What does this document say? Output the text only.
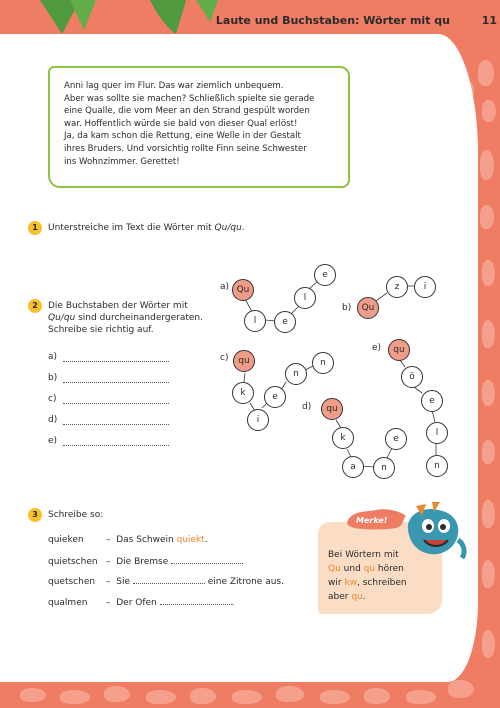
Laute und Buchstaben: Wörter mit qu	11

Anni lag quer im Flur. Das war ziemlich unbequem.
Aber was sollte sie machen? Schließlich spielte sie gerade
eine Qualle, die vom Meer an den Strand gespült worden
war. Hoffentlich würde sie bald von dieser Qual erlöst!
Ja, da kam schon die Rettung, eine Welle in der Gestalt
ihres Bruders. Und vorsichtig rollte Finn seine Schwester
ins Wohnzimmer. Gerettet!

1	Unterstreiche im Text die Wörter mit Qu/qu.
2	Die Buchstaben der Wörter mit
Qu/qu sind durcheinandergeraten.
Schreibe sie richtig auf.
a)
b)
c)
d)
e)
a) Qu
l	e
l
e
b)	Qu
z	i
c)	qu
k
i
e
n
n
d)	qu
k
a	n
e
e)	qu
ö
e
l
n
3	Schreibe so:
quieken – Das Schwein quiekt.
quietschen – Die Bremse	.
quetschen – Sie	eine Zitrone aus.
qualmen – Der Ofen	.
Merke!
Bei Wörtern mit
Qu und qu hören
wir kw, schreiben
aber qu.
